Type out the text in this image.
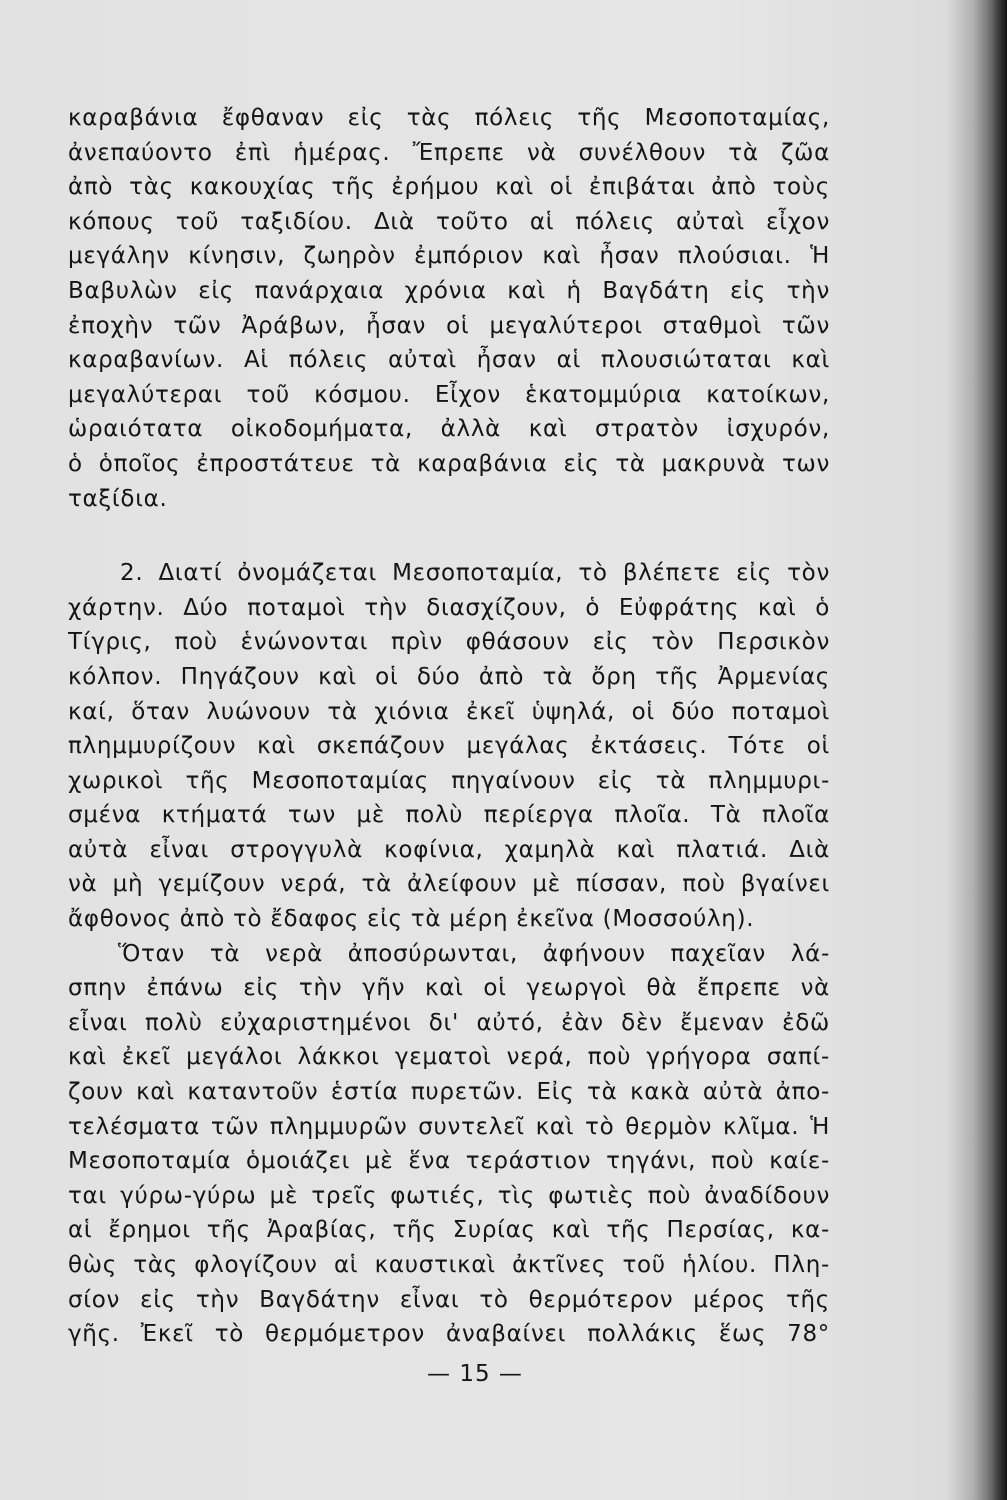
καραβάνια ἔφθαναν εἰς τὰς πόλεις τῆς Μεσοποταμίας,
ἀνεπαύοντο ἐπὶ ἡμέρας. Ἔπρεπε νὰ συνέλθουν τὰ ζῶα
ἀπὸ τὰς κακουχίας τῆς ἐρήμου καὶ οἱ ἐπιβάται ἀπὸ τοὺς
κόπους τοῦ ταξιδίου. Διὰ τοῦτο αἱ πόλεις αὐταὶ εἶχον
μεγάλην κίνησιν, ζωηρὸν ἐμπόριον καὶ ἦσαν πλούσιαι. Ἡ
Βαβυλὼν εἰς πανάρχαια χρόνια καὶ ἡ Βαγδάτη εἰς τὴν
ἐποχὴν τῶν Ἀράβων, ἦσαν οἱ μεγαλύτεροι σταθμοὶ τῶν
καραβανίων. Αἱ πόλεις αὐταὶ ἦσαν αἱ πλουσιώταται καὶ
μεγαλύτεραι τοῦ κόσμου. Εἶχον ἑκατομμύρια κατοίκων,
ὡραιότατα οἰκοδομήματα, ἀλλὰ καὶ στρατὸν ἰσχυρόν,
ὁ ὁποῖος ἐπροστάτευε τὰ καραβάνια εἰς τὰ μακρυνὰ των
ταξίδια.
2. Διατί ὀνομάζεται Μεσοποταμία, τὸ βλέπετε εἰς τὸν
χάρτην. Δύο ποταμοὶ τὴν διασχίζουν, ὁ Εὐφράτης καὶ ὁ
Τίγρις, ποὺ ἑνώνονται πρὶν φθάσουν εἰς τὸν Περσικὸν
κόλπον. Πηγάζουν καὶ οἱ δύο ἀπὸ τὰ ὄρη τῆς Ἀρμενίας
καί, ὅταν λυώνουν τὰ χιόνια ἐκεῖ ὑψηλά, οἱ δύο ποταμοὶ
πλημμυρίζουν καὶ σκεπάζουν μεγάλας ἐκτάσεις. Τότε οἱ
χωρικοὶ τῆς Μεσοποταμίας πηγαίνουν εἰς τὰ πλημμυρι-
σμένα κτήματά των μὲ πολὺ περίεργα πλοῖα. Τὰ πλοῖα
αὐτὰ εἶναι στρογγυλὰ κοφίνια, χαμηλὰ καὶ πλατιά. Διὰ
νὰ μὴ γεμίζουν νερά, τὰ ἀλείφουν μὲ πίσσαν, ποὺ βγαίνει
ἄφθονος ἀπὸ τὸ ἔδαφος εἰς τὰ μέρη ἐκεῖνα (Μοσσούλη).
Ὅταν τὰ νερὰ ἀποσύρωνται, ἀφήνουν παχεῖαν λά-
σπην ἐπάνω εἰς τὴν γῆν καὶ οἱ γεωργοὶ θὰ ἔπρεπε νὰ
εἶναι πολὺ εὐχαριστημένοι δι' αὐτό, ἐὰν δὲν ἔμεναν ἐδῶ
καὶ ἐκεῖ μεγάλοι λάκκοι γεματοὶ νερά, ποὺ γρήγορα σαπί-
ζουν καὶ καταντοῦν ἑστία πυρετῶν. Εἰς τὰ κακὰ αὐτὰ ἀπο-
τελέσματα τῶν πλημμυρῶν συντελεῖ καὶ τὸ θερμὸν κλῖμα. Ἡ
Μεσοποταμία ὁμοιάζει μὲ ἕνα τεράστιον τηγάνι, ποὺ καίε-
ται γύρω-γύρω μὲ τρεῖς φωτιές, τὶς φωτιὲς ποὺ ἀναδίδουν
αἱ ἔρημοι τῆς Ἀραβίας, τῆς Συρίας καὶ τῆς Περσίας, κα-
θὼς τὰς φλογίζουν αἱ καυστικαὶ ἀκτῖνες τοῦ ἡλίου. Πλη-
σίον εἰς τὴν Βαγδάτην εἶναι τὸ θερμότερον μέρος τῆς
γῆς. Ἐκεῖ τὸ θερμόμετρον ἀναβαίνει πολλάκις ἕως 78°
— 15 —
